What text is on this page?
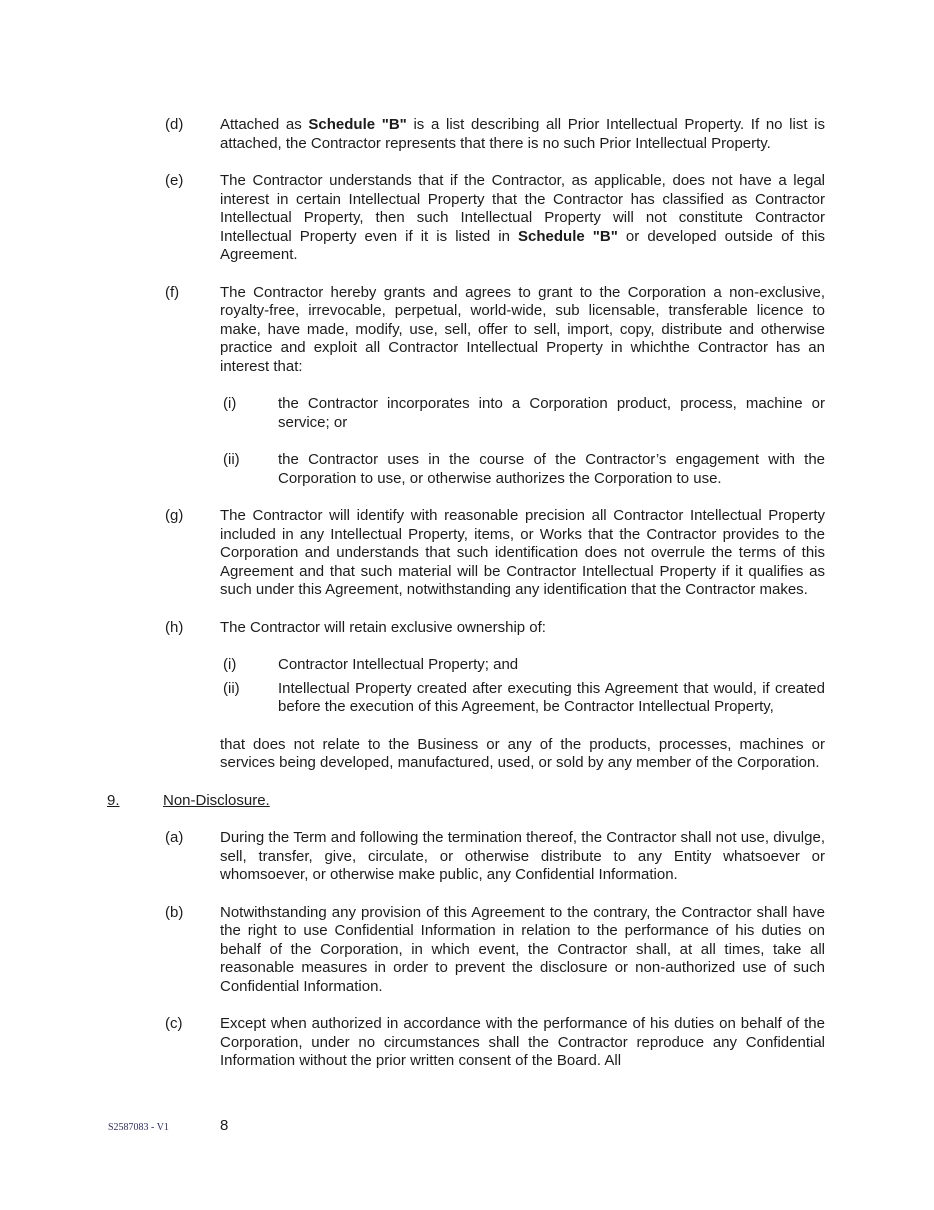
(d)	Attached as Schedule "B" is a list describing all Prior Intellectual Property. If no list is attached, the Contractor represents that there is no such Prior Intellectual Property.
(e)	The Contractor understands that if the Contractor, as applicable, does not have a legal interest in certain Intellectual Property that the Contractor has classified as Contractor Intellectual Property, then such Intellectual Property will not constitute Contractor Intellectual Property even if it is listed in Schedule "B" or developed outside of this Agreement.
(f)	The Contractor hereby grants and agrees to grant to the Corporation a non-exclusive, royalty-free, irrevocable, perpetual, world-wide, sub licensable, transferable licence to make, have made, modify, use, sell, offer to sell, import, copy, distribute and otherwise practice and exploit all Contractor Intellectual Property in whichthe Contractor has an interest that:
(i)	the Contractor incorporates into a Corporation product, process, machine or service; or
(ii)	the Contractor uses in the course of the Contractor’s engagement with the Corporation to use, or otherwise authorizes the Corporation to use.
(g)	The Contractor will identify with reasonable precision all Contractor Intellectual Property included in any Intellectual Property, items, or Works that the Contractor provides to the Corporation and understands that such identification does not overrule the terms of this Agreement and that such material will be Contractor Intellectual Property if it qualifies as such under this Agreement, notwithstanding any identification that the Contractor makes.
(h)	The Contractor will retain exclusive ownership of:
(i)	Contractor Intellectual Property; and
(ii)	Intellectual Property created after executing this Agreement that would, if created before the execution of this Agreement, be Contractor Intellectual Property,
that does not relate to the Business or any of the products, processes, machines or services being developed, manufactured, used, or sold by any member of the Corporation.
9.	Non-Disclosure.
(a)	During the Term and following the termination thereof, the Contractor shall not use, divulge, sell, transfer, give, circulate, or otherwise distribute to any Entity whatsoever or whomsoever, or otherwise make public, any Confidential Information.
(b)	Notwithstanding any provision of this Agreement to the contrary, the Contractor shall have the right to use Confidential Information in relation to the performance of his duties on behalf of the Corporation, in which event, the Contractor shall, at all times, take all reasonable measures in order to prevent the disclosure or non-authorized use of such Confidential Information.
(c)	Except when authorized in accordance with the performance of his duties on behalf of the Corporation, under no circumstances shall the Contractor reproduce any Confidential Information without the prior written consent of the Board. All
S2587083 - V1	8
